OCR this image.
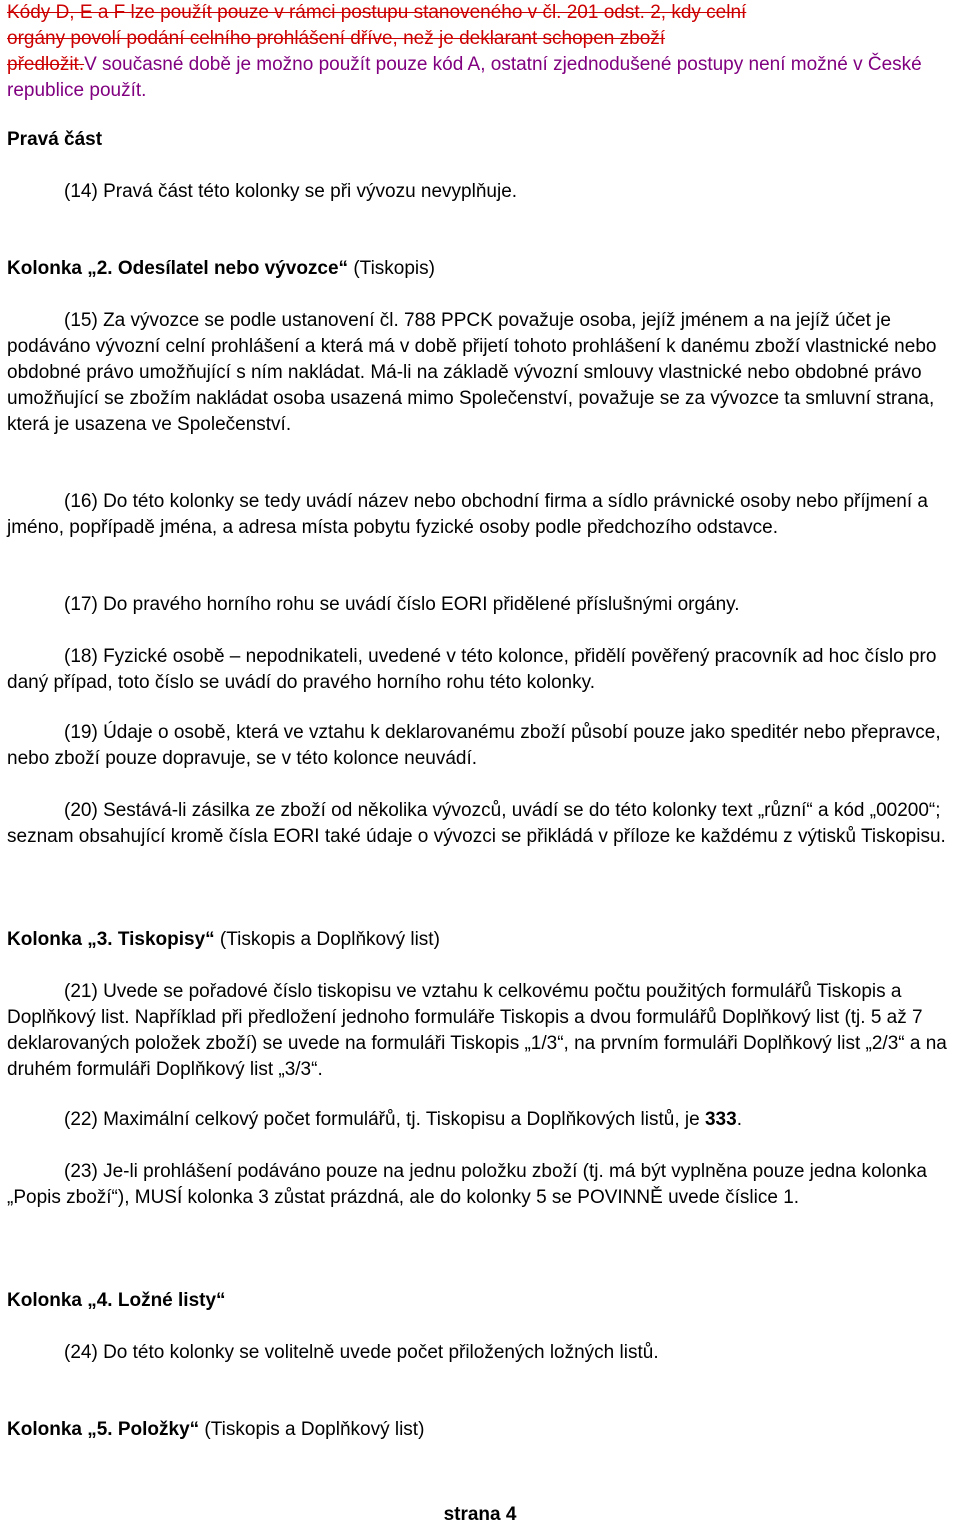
Kódy D, E a F lze použít pouze v rámci postupu stanoveného v čl. 201 odst. 2, kdy celní
orgány povolí podání celního prohlášení dříve, než je deklarant schopen zboží
předložit.V současné době je možno použít pouze kód A, ostatní zjednodušené postupy není možné v České republice použít.

Pravá část

(14) Pravá část této kolonky se při vývozu nevyplňuje.

Kolonka „2. Odesílatel nebo vývozce“ (Tiskopis)

(15) Za vývozce se podle ustanovení čl. 788 PPCK považuje osoba, jejíž jménem a na jejíž účet je podáváno vývozní celní prohlášení a která má v době přijetí tohoto prohlášení k danému zboží vlastnické nebo obdobné právo umožňující s ním nakládat. Má-li na základě vývozní smlouvy vlastnické nebo obdobné právo umožňující se zbožím nakládat osoba usazená mimo Společenství, považuje se za vývozce ta smluvní strana, která je usazena ve Společenství.

(16) Do této kolonky se tedy uvádí název nebo obchodní firma a sídlo právnické osoby nebo příjmení a jméno, popřípadě jména, a adresa místa pobytu fyzické osoby podle předchozího odstavce.

(17) Do pravého horního rohu se uvádí číslo EORI přidělené příslušnými orgány.

(18) Fyzické osobě – nepodnikateli, uvedené v této kolonce, přidělí pověřený pracovník ad hoc číslo pro daný případ, toto číslo se uvádí do pravého horního rohu této kolonky.

(19) Údaje o osobě, která ve vztahu k deklarovanému zboží působí pouze jako speditér nebo přepravce, nebo zboží pouze dopravuje, se v této kolonce neuvádí.

(20) Sestává-li zásilka ze zboží od několika vývozců, uvádí se do této kolonky text „různí“ a kód „00200“; seznam obsahující kromě čísla EORI také údaje o vývozci se přikládá v příloze ke každému z výtisků Tiskopisu.

Kolonka „3. Tiskopisy“ (Tiskopis a Doplňkový list)

(21) Uvede se pořadové číslo tiskopisu ve vztahu k celkovému počtu použitých formulářů Tiskopis a Doplňkový list. Například při předložení jednoho formuláře Tiskopis a dvou formulářů Doplňkový list (tj. 5 až 7 deklarovaných položek zboží) se uvede na formuláři Tiskopis „1/3“, na prvním formuláři Doplňkový list „2/3“ a na druhém formuláři Doplňkový list „3/3“.

(22) Maximální celkový počet formulářů, tj. Tiskopisu a Doplňkových listů, je 333.

(23) Je-li prohlášení podáváno pouze na jednu položku zboží (tj. má být vyplněna pouze jedna kolonka „Popis zboží“), MUSÍ kolonka 3 zůstat prázdná, ale do kolonky 5 se POVINNĚ uvede číslice 1.

Kolonka „4. Ložné listy“

(24) Do této kolonky se volitelně uvede počet přiložených ložných listů.

Kolonka „5. Položky“ (Tiskopis a Doplňkový list)

strana 4
